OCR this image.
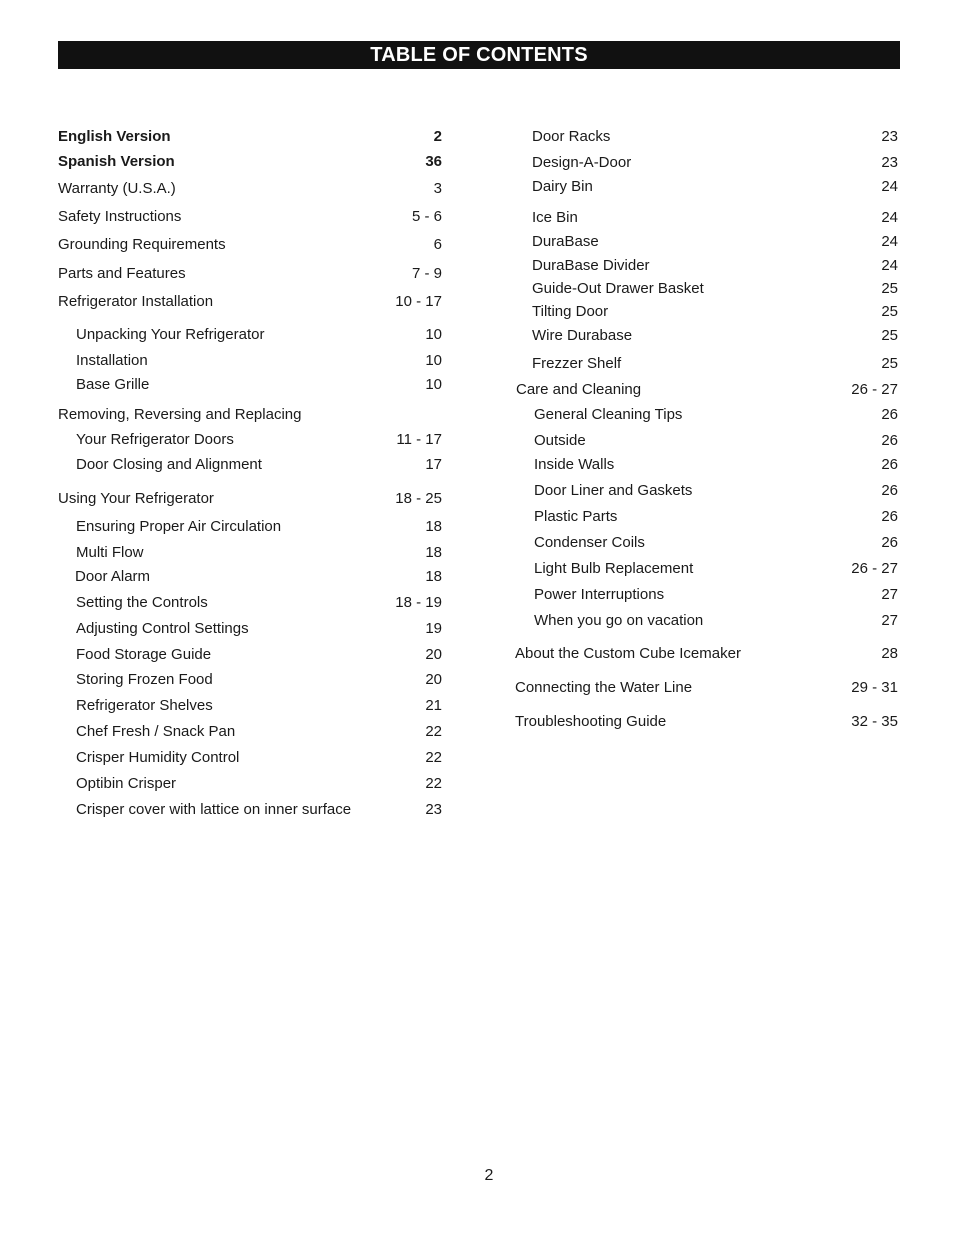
TABLE OF CONTENTS
English Version	2
Spanish Version	36
Warranty (U.S.A.)	3
Safety Instructions	5 - 6
Grounding Requirements	6
Parts and Features	7 - 9
Refrigerator Installation	10 - 17
Unpacking Your Refrigerator	10
Installation	10
Base Grille	10
Removing, Reversing and Replacing
Your Refrigerator Doors	11 - 17
Door Closing and Alignment	17
Using Your Refrigerator	18 - 25
Ensuring Proper Air Circulation	18
Multi Flow	18
Door Alarm	18
Setting the Controls	18 - 19
Adjusting Control Settings	19
Food Storage Guide	20
Storing Frozen Food	20
Refrigerator Shelves	21
Chef Fresh / Snack Pan	22
Crisper Humidity Control	22
Optibin Crisper	22
Crisper cover with lattice on inner surface	23
Door Racks	23
Design-A-Door	23
Dairy Bin	24
Ice Bin	24
DuraBase	24
DuraBase Divider	24
Guide-Out Drawer Basket	25
Tilting Door	25
Wire Durabase	25
Frezzer Shelf	25
Care and Cleaning	26 - 27
General Cleaning Tips	26
Outside	26
Inside Walls	26
Door Liner and Gaskets	26
Plastic Parts	26
Condenser Coils	26
Light Bulb Replacement	26 - 27
Power Interruptions	27
When you go on vacation	27
About the Custom Cube Icemaker	28
Connecting the Water Line	29 - 31
Troubleshooting Guide	32 - 35
2
